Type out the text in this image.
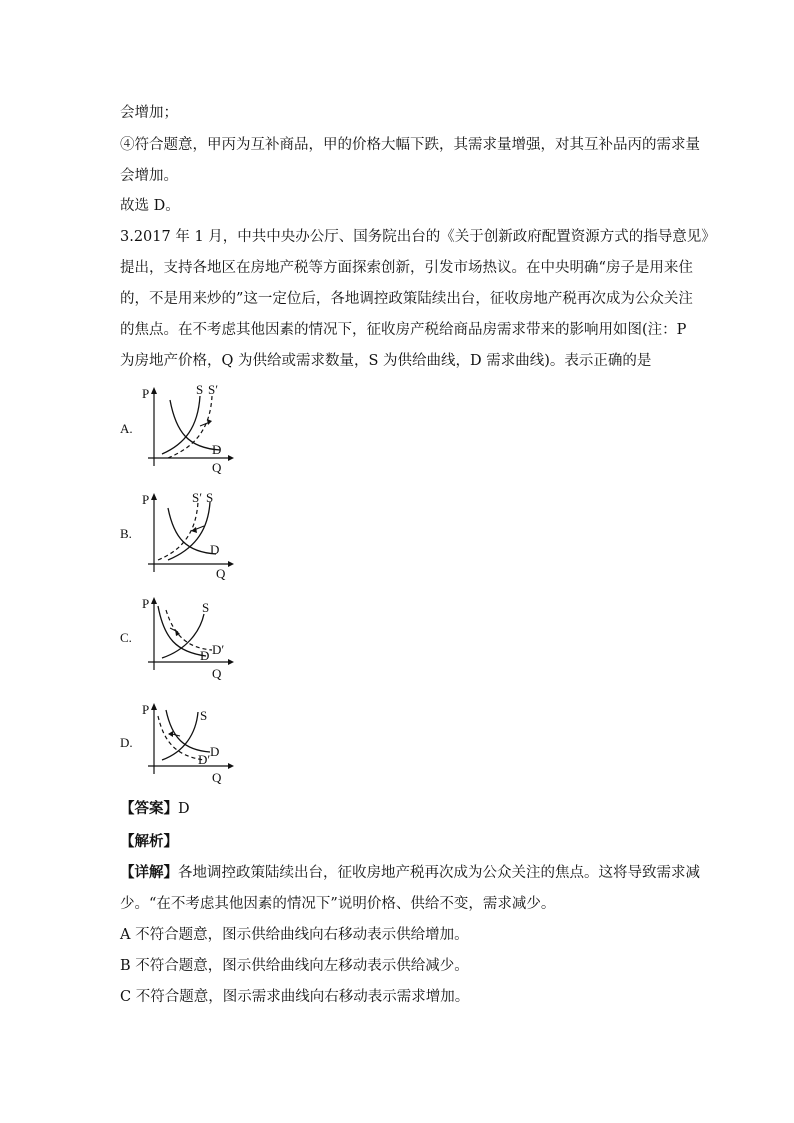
会增加；
④符合题意，甲丙为互补商品，甲的价格大幅下跌，其需求量增强，对其互补品丙的需求量
会增加。
故选 D。
3.2017 年 1 月，中共中央办公厅、国务院出台的《关于创新政府配置资源方式的指导意见》
提出，支持各地区在房地产税等方面探索创新，引发市场热议。在中央明确“房子是用来住
的，不是用来炒的”这一定位后，各地调控政策陆续出台，征收房地产税再次成为公众关注
的焦点。在不考虑其他因素的情况下，征收房产税给商品房需求带来的影响用如图(注：P
为房地产价格，Q 为供给或需求数量，S 为供给曲线，D 需求曲线)。表示正确的是
A.
P
Q
S S′
D
B.
P
Q
S′ S
D
C.
P
Q
S
D′
D
D.
P
Q
S
D
D′
【答案】D
【解析】
【详解】各地调控政策陆续出台，征收房地产税再次成为公众关注的焦点。这将导致需求减
少。“在不考虑其他因素的情况下”说明价格、供给不变，需求减少。
A 不符合题意，图示供给曲线向右移动表示供给增加。
B 不符合题意，图示供给曲线向左移动表示供给减少。
C 不符合题意，图示需求曲线向右移动表示需求增加。
